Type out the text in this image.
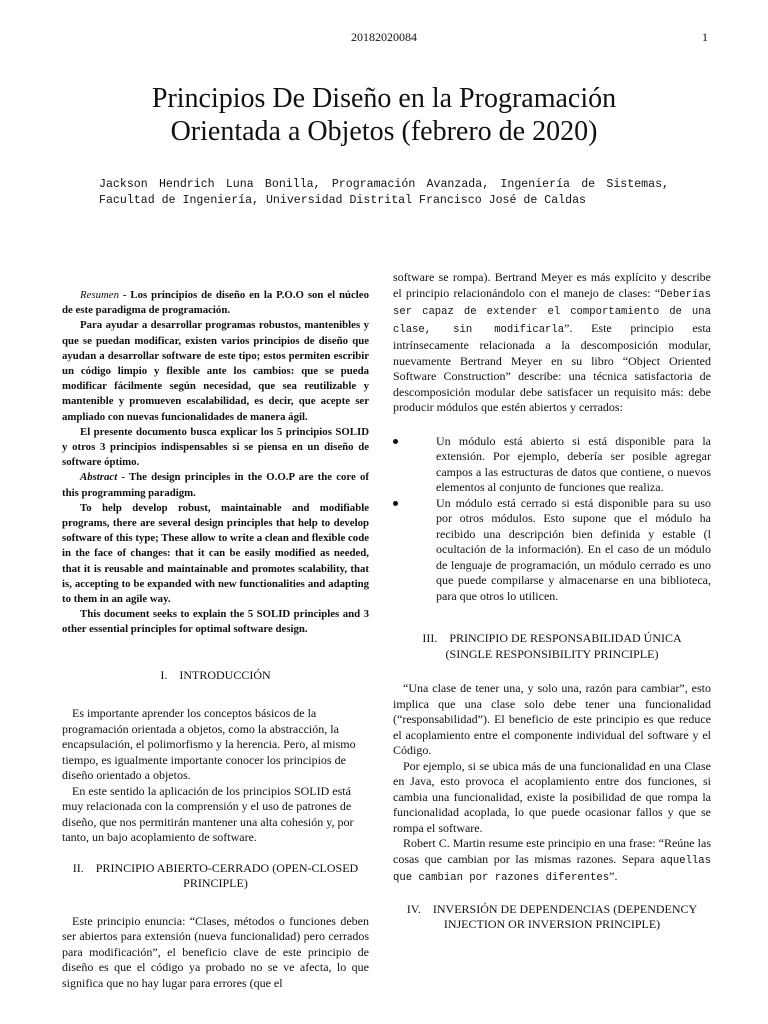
20182020084	1
Principios De Diseño en la Programación
Orientada a Objetos (febrero de 2020)
Jackson Hendrich Luna Bonilla, Programación Avanzada, Ingeniería de Sistemas, Facultad de Ingeniería, Universidad Distrital Francisco José de Caldas

Resumen - Los principios de diseño en la P.O.O son el núcleo de este paradigma de programación.

Para ayudar a desarrollar programas robustos, mantenibles y que se puedan modificar, existen varios principios de diseño que ayudan a desarrollar software de este tipo; estos permiten escribir un código limpio y flexible ante los cambios: que se pueda modificar fácilmente según necesidad, que sea reutilizable y mantenible y promueven escalabilidad, es decir, que acepte ser ampliado con nuevas funcionalidades de manera ágil.

El presente documento busca explicar los 5 principios SOLID y otros 3 principios indispensables si se piensa en un diseño de software óptimo.

Abstract - The design principles in the O.O.P are the core of this programming paradigm.

To help develop robust, maintainable and modifiable programs, there are several design principles that help to develop software of this type; These allow to write a clean and flexible code in the face of changes: that it can be easily modified as needed, that it is reusable and maintainable and promotes scalability, that is, accepting to be expanded with new functionalities and adapting to them in an agile way.

This document seeks to explain the 5 SOLID principles and 3 other essential principles for optimal software design.

I. INTRODUCCIÓN

Es importante aprender los conceptos básicos de la programación orientada a objetos, como la abstracción, la encapsulación, el polimorfismo y la herencia. Pero, al mismo tiempo, es igualmente importante conocer los principios de diseño orientado a objetos.

En este sentido la aplicación de los principios SOLID está muy relacionada con la comprensión y el uso de patrones de diseño, que nos permitirán mantener una alta cohesión y, por tanto, un bajo acoplamiento de software.

II. PRINCIPIO ABIERTO-CERRADO (OPEN-CLOSED
PRINCIPLE)

Este principio enuncia: “Clases, métodos o funciones deben ser abiertos para extensión (nueva funcionalidad) pero cerrados para modificación”, el beneficio clave de este principio de diseño es que el código ya probado no se ve afecta, lo que significa que no hay lugar para errores (que el

software se rompa). Bertrand Meyer es más explícito y describe el principio relacionándolo con el manejo de clases: “Deberías ser capaz de extender el comportamiento de una clase, sin modificarla”. Este principio esta intrínsecamente relacionada a la descomposición modular, nuevamente Bertrand Meyer en su libro “Object Oriented Software Construction” describe: una técnica satisfactoria de descomposición modular debe satisfacer un requisito más: debe producir módulos que estén abiertos y cerrados:

Un módulo está abierto si está disponible para la extensión. Por ejemplo, debería ser posible agregar campos a las estructuras de datos que contiene, o nuevos elementos al conjunto de funciones que realiza.
Un módulo está cerrado si está disponible para su uso por otros módulos. Esto supone que el módulo ha recibido una descripción bien definida y estable (l ocultación de la información). En el caso de un módulo de lenguaje de programación, un módulo cerrado es uno que puede compilarse y almacenarse en una biblioteca, para que otros lo utilicen.
III. PRINCIPIO DE RESPONSABILIDAD ÚNICA
(SINGLE RESPONSIBILITY PRINCIPLE)

“Una clase de tener una, y solo una, razón para cambiar”, esto implica que una clase solo debe tener una funcionalidad (“responsabilidad”). El beneficio de este principio es que reduce el acoplamiento entre el componente individual del software y el Código.

Por ejemplo, si se ubica más de una funcionalidad en una Clase en Java, esto provoca el acoplamiento entre dos funciones, si cambia una funcionalidad, existe la posibilidad de que rompa la funcionalidad acoplada, lo que puede ocasionar fallos y que se rompa el software.

Robert C. Martin resume este principio en una frase: “Reúne las cosas que cambian por las mismas razones. Separa aquellas que cambian por razones diferentes”.

IV. INVERSIÓN DE DEPENDENCIAS (DEPENDENCY
INJECTION OR INVERSION PRINCIPLE)
